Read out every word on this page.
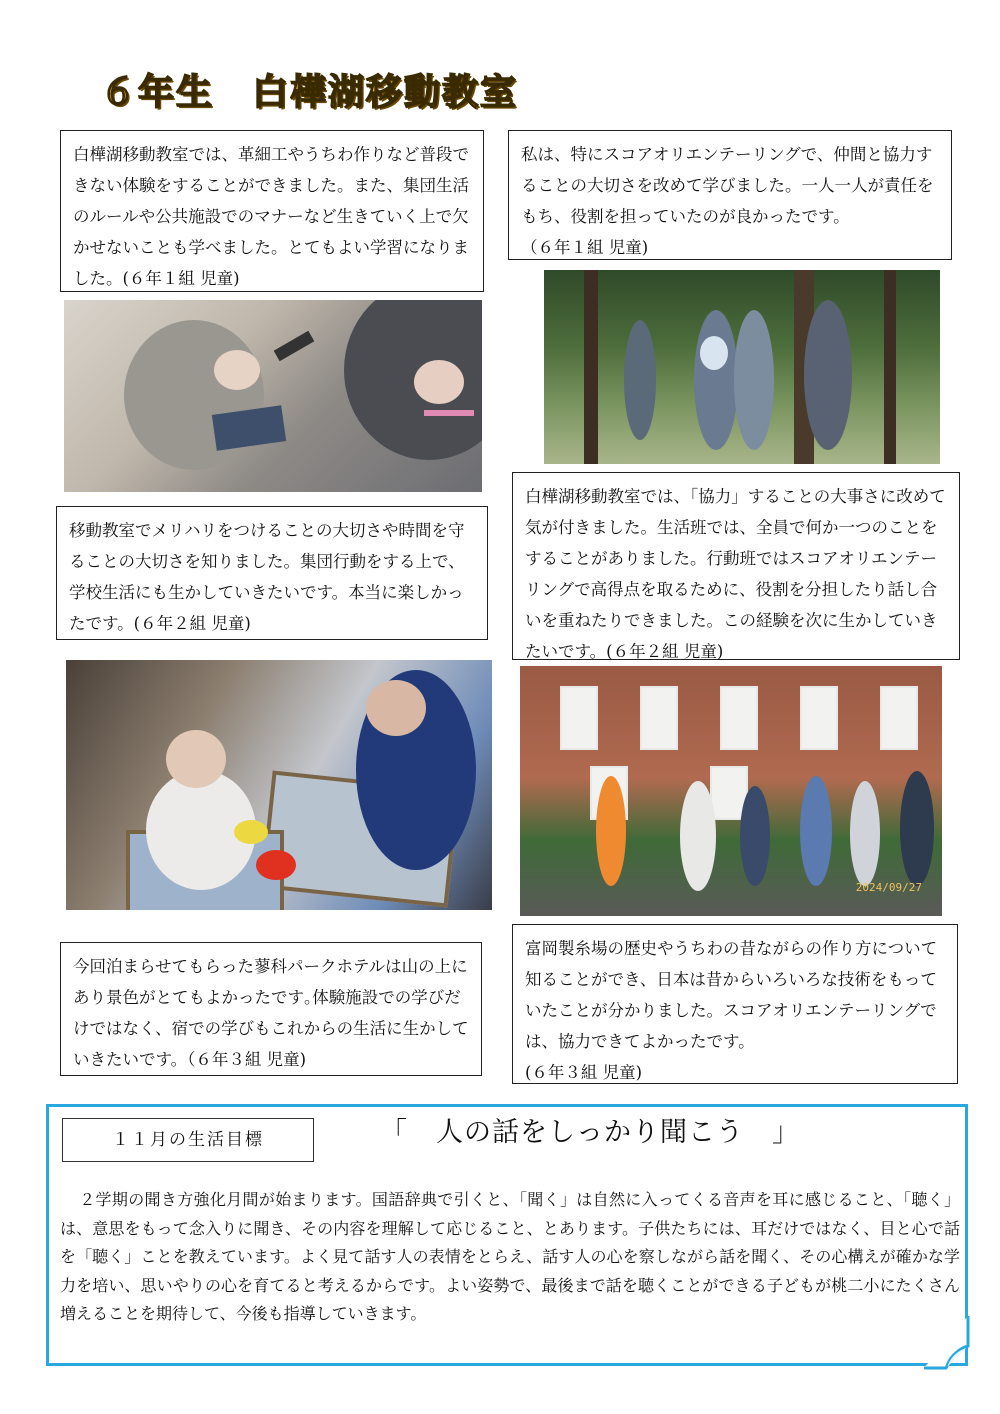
６年生　白樺湖移動教室

白樺湖移動教室では、革細工やうちわ作りなど普段できない体験をすることができました。また、集団生活のルールや公共施設でのマナーなど生きていく上で欠かせないことも学べました。とてもよい学習になりました。(６年１組 児童)

私は、特にスコアオリエンテーリングで、仲間と協力することの大切さを改めて学びました。一人一人が責任をもち、役割を担っていたのが良かったです。

（６年１組 児童)

移動教室でメリハリをつけることの大切さや時間を守ることの大切さを知りました。集団行動をする上で、学校生活にも生かしていきたいです。本当に楽しかったです。(６年２組 児童)

白樺湖移動教室では、「協力」することの大事さに改めて気が付きました。生活班では、全員で何か一つのことをすることがありました。行動班ではスコアオリエンテーリングで高得点を取るために、役割を分担したり話し合いを重ねたりできました。この経験を次に生かしていきたいです。(６年２組 児童)

2024/09/27

今回泊まらせてもらった蓼科パークホテルは山の上にあり景色がとてもよかったです｡体験施設での学びだけではなく、宿での学びもこれからの生活に生かしていきたいです。（６年３組 児童)

富岡製糸場の歴史やうちわの昔ながらの作り方について知ることができ、日本は昔からいろいろな技術をもっていたことが分かりました。スコアオリエンテーリングでは、協力できてよかったです。

(６年３組 児童)

１１月の生活目標	「　人の話をしっかり聞こう　」

２学期の聞き方強化月間が始まります。国語辞典で引くと、「聞く」は自然に入ってくる音声を耳に感じること、「聴く」は、意思をもって念入りに聞き、その内容を理解して応じること、とあります。子供たちには、耳だけではなく、目と心で話を「聴く」ことを教えています。よく見て話す人の表情をとらえ、話す人の心を察しながら話を聞く、その心構えが確かな学力を培い、思いやりの心を育てると考えるからです。よい姿勢で、最後まで話を聴くことができる子どもが桃二小にたくさん増えることを期待して、今後も指導していきます。
